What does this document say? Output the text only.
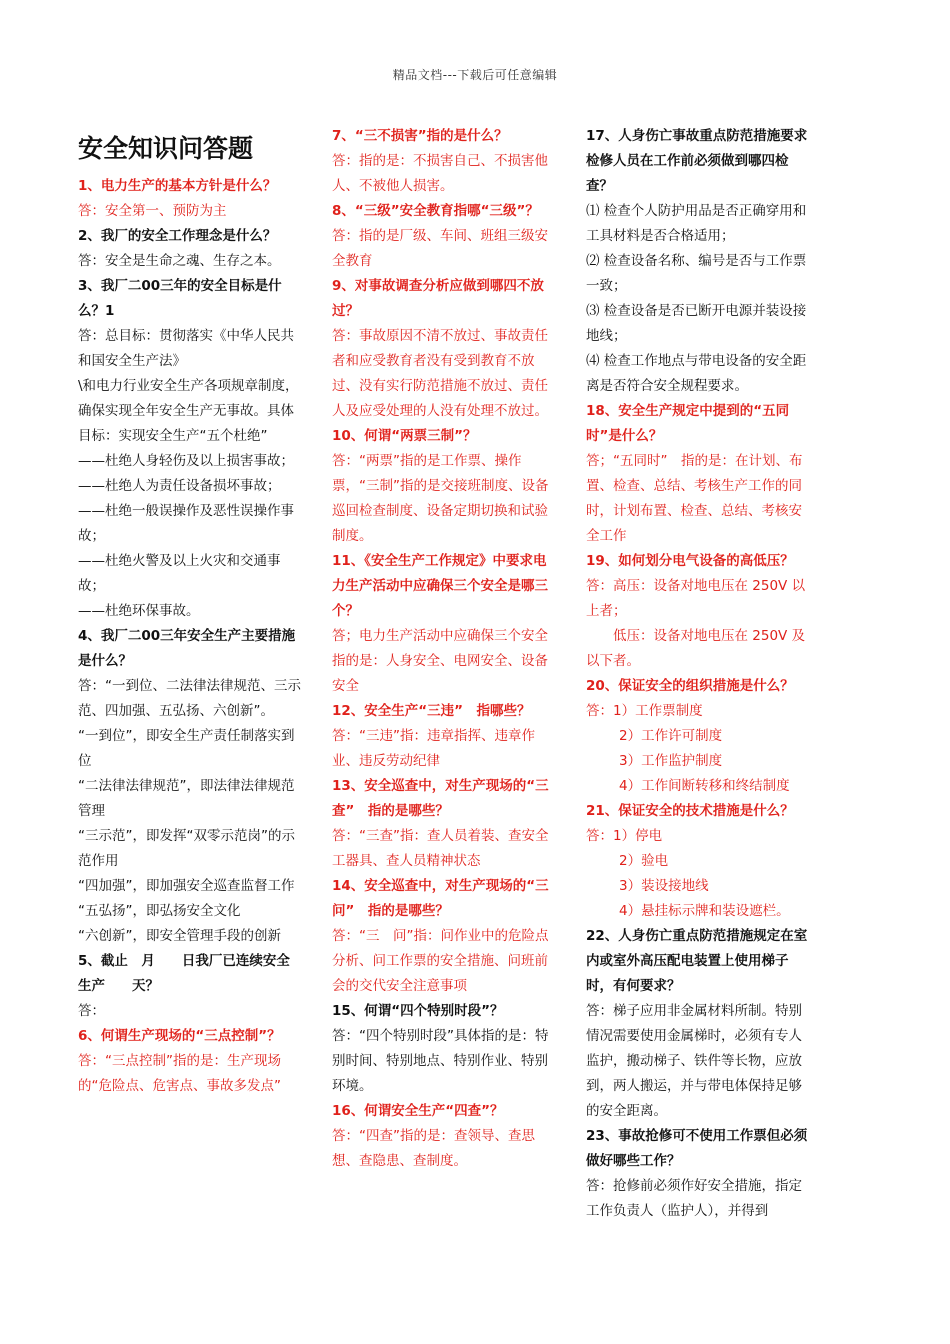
精品文档---下载后可任意编辑
安全知识问答题
1、电力生产的基本方针是什么？
答：安全第一、预防为主
2、我厂的安全工作理念是什么？
答：安全是生命之魂、生存之本。
3、我厂二00三年的安全目标是什么？1
答：总目标：贯彻落实《中华人民共和国安全生产法》
\和电力行业安全生产各项规章制度，确保实现全年安全生产无事故。具体目标：实现安全生产“五个杜绝”
——杜绝人身轻伤及以上损害事故；
——杜绝人为责任设备损坏事故；
——杜绝一般误操作及恶性误操作事故；
——杜绝火警及以上火灾和交通事故；
——杜绝环保事故。
4、我厂二00三年安全生产主要措施是什么？
答：“一到位、二法律法律规范、三示范、四加强、五弘扬、六创新”。
“一到位”，即安全生产责任制落实到位
“二法律法律规范”，即法律法律规范管理
“三示范”，即发挥“双零示范岗”的示范作用
“四加强”，即加强安全巡查监督工作
“五弘扬”，即弘扬安全文化
“六创新”，即安全管理手段的创新
5、截止　月　　日我厂已连续安全生产　　天？
答：
6、何谓生产现场的“三点控制”？
答：“三点控制”指的是：生产现场的“危险点、危害点、事故多发点”
7、“三不损害”指的是什么？
答：指的是：不损害自己、不损害他人、不被他人损害。
8、“三级”安全教育指哪“三级”？
答：指的是厂级、车间、班组三级安全教育
9、对事故调查分析应做到哪四不放过？
答：事故原因不清不放过、事故责任者和应受教育者没有受到教育不放过、没有实行防范措施不放过、责任人及应受处理的人没有处理不放过。
10、何谓“两票三制”？
答：“两票”指的是工作票、操作票，“三制”指的是交接班制度、设备巡回检查制度、设备定期切换和试验制度。
11、《安全生产工作规定》中要求电力生产活动中应确保三个安全是哪三个？
答；电力生产活动中应确保三个安全指的是：人身安全、电网安全、设备安全
12、安全生产“三违”　指哪些？
答：“三违”指：违章指挥、违章作业、违反劳动纪律
13、安全巡查中，对生产现场的“三查”　指的是哪些？
答：“三查”指：查人员着装、查安全工器具、查人员精神状态
14、安全巡查中，对生产现场的“三问”　指的是哪些？
答：“三　问”指：问作业中的危险点分析、问工作票的安全措施、问班前会的交代安全注意事项
15、何谓“四个特别时段”？
答：“四个特别时段”具体指的是：特别时间、特别地点、特别作业、特别环境。
16、何谓安全生产“四查”？
答：“四查”指的是：查领导、查思想、查隐患、查制度。
17、人身伤亡事故重点防范措施要求检修人员在工作前必须做到哪四检查？
⑴ 检查个人防护用品是否正确穿用和工具材料是否合格适用；
⑵ 检查设备名称、编号是否与工作票一致；
⑶ 检查设备是否已断开电源并装设接地线；
⑷ 检查工作地点与带电设备的安全距离是否符合安全规程要求。
18、安全生产规定中提到的“五同时”是什么？
答；“五同时”　指的是：在计划、布置、检查、总结、考核生产工作的同时，计划布置、检查、总结、考核安全工作
19、如何划分电气设备的高低压？
答：高压：设备对地电压在 250V 以上者；
　　低压：设备对地电压在 250V 及以下者。
20、保证安全的组织措施是什么？
答：1）工作票制度
2）工作许可制度
3）工作监护制度
4）工作间断转移和终结制度
21、保证安全的技术措施是什么？
答：1）停电
2）验电
3）装设接地线
4）悬挂标示牌和装设遮栏。
22、人身伤亡重点防范措施规定在室内或室外高压配电装置上使用梯子时，有何要求？
答：梯子应用非金属材料所制。特别情况需要使用金属梯时，必须有专人监护，搬动梯子、铁件等长物，应放到，两人搬运，并与带电体保持足够的安全距离。
23、事故抢修可不使用工作票但必须做好哪些工作？
答：抢修前必须作好安全措施，指定工作负责人（监护人），并得到
